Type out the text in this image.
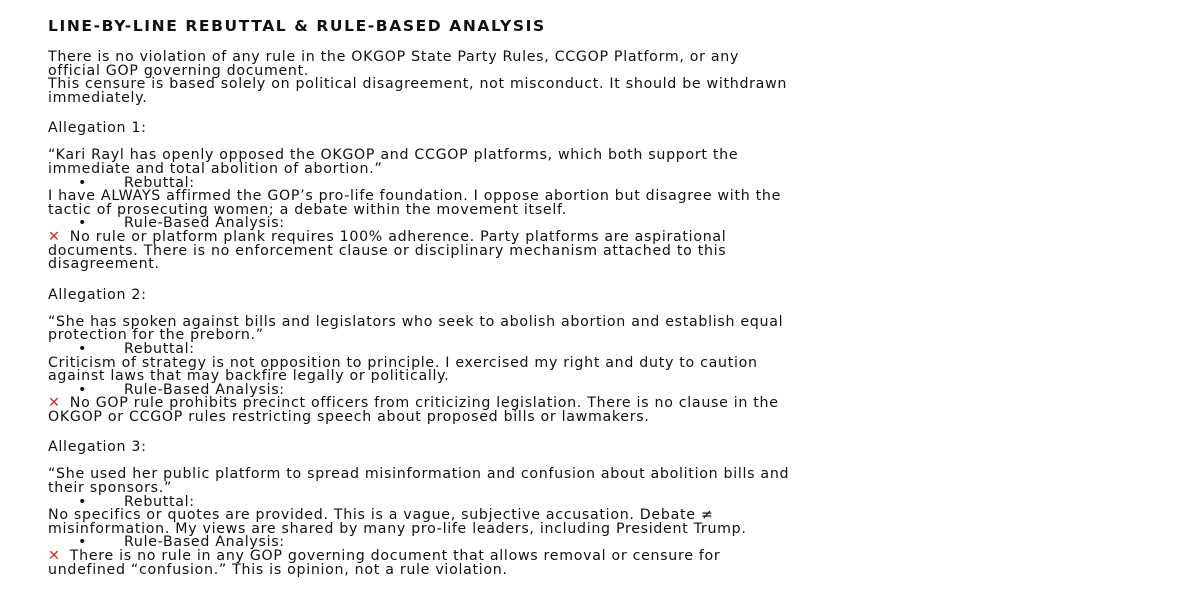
LINE-BY-LINE REBUTTAL & RULE-BASED ANALYSIS
There is no violation of any rule in the OKGOP State Party Rules, CCGOP Platform, or any
official GOP governing document.
This censure is based solely on political disagreement, not misconduct. It should be withdrawn
immediately.
Allegation 1:
“Kari Rayl has openly opposed the OKGOP and CCGOP platforms, which both support the
immediate and total abolition of abortion.”
•	Rebuttal:
I have ALWAYS affirmed the GOP’s pro-life foundation. I oppose abortion but disagree with the
tactic of prosecuting women; a debate within the movement itself.
•	Rule-Based Analysis:
✕ No rule or platform plank requires 100% adherence. Party platforms are aspirational
documents. There is no enforcement clause or disciplinary mechanism attached to this
disagreement.
Allegation 2:
“She has spoken against bills and legislators who seek to abolish abortion and establish equal
protection for the preborn.”
•	Rebuttal:
Criticism of strategy is not opposition to principle. I exercised my right and duty to caution
against laws that may backfire legally or politically.
•	Rule-Based Analysis:
✕ No GOP rule prohibits precinct officers from criticizing legislation. There is no clause in the
OKGOP or CCGOP rules restricting speech about proposed bills or lawmakers.
Allegation 3:
“She used her public platform to spread misinformation and confusion about abolition bills and
their sponsors.”
•	Rebuttal:
No specifics or quotes are provided. This is a vague, subjective accusation. Debate ≠
misinformation. My views are shared by many pro-life leaders, including President Trump.
•	Rule-Based Analysis:
✕ There is no rule in any GOP governing document that allows removal or censure for
undefined “confusion.” This is opinion, not a rule violation.
